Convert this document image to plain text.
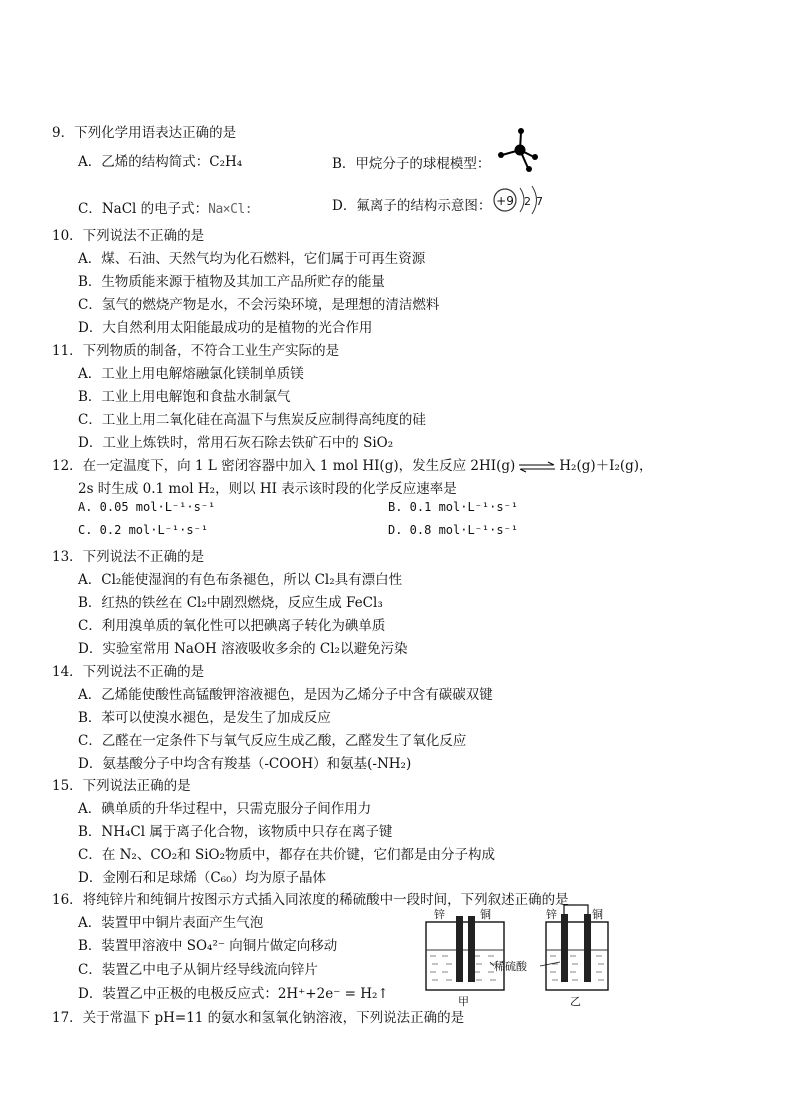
9．下列化学用语表达正确的是
A．乙烯的结构简式：C₂H₄	B．甲烷分子的球棍模型：
C．NaCl 的电子式：Na×Cl:	D．氟离子的结构示意图： +9 2 7
10．下列说法不正确的是
A．煤、石油、天然气均为化石燃料，它们属于可再生资源
B．生物质能来源于植物及其加工产品所贮存的能量
C．氢气的燃烧产物是水，不会污染环境，是理想的清洁燃料
D．大自然利用太阳能最成功的是植物的光合作用
11．下列物质的制备，不符合工业生产实际的是
A．工业上用电解熔融氯化镁制单质镁
B．工业上用电解饱和食盐水制氯气
C．工业上用二氧化硅在高温下与焦炭反应制得高纯度的硅
D．工业上炼铁时，常用石灰石除去铁矿石中的 SiO₂
12．在一定温度下，向 1 L 密闭容器中加入 1 mol HI(g)，发生反应 2HI(g) ⇌ H₂(g)＋I₂(g)，
2s 时生成 0.1 mol H₂，则以 HI 表示该时段的化学反应速率是
A. 0.05 mol·L⁻¹·s⁻¹	B. 0.1 mol·L⁻¹·s⁻¹
C. 0.2 mol·L⁻¹·s⁻¹	D. 0.8 mol·L⁻¹·s⁻¹
13．下列说法不正确的是
A．Cl₂能使湿润的有色布条褪色，所以 Cl₂具有漂白性
B．红热的铁丝在 Cl₂中剧烈燃烧，反应生成 FeCl₃
C．利用溴单质的氧化性可以把碘离子转化为碘单质
D．实验室常用 NaOH 溶液吸收多余的 Cl₂以避免污染
14．下列说法不正确的是
A．乙烯能使酸性高锰酸钾溶液褪色，是因为乙烯分子中含有碳碳双键
B．苯可以使溴水褪色，是发生了加成反应
C．乙醛在一定条件下与氧气反应生成乙酸，乙醛发生了氧化反应
D．氨基酸分子中均含有羧基（-COOH）和氨基(-NH₂)
15．下列说法正确的是
A．碘单质的升华过程中，只需克服分子间作用力
B．NH₄Cl 属于离子化合物，该物质中只存在离子键
C．在 N₂、CO₂和 SiO₂物质中，都存在共价键，它们都是由分子构成
D．金刚石和足球烯（C₆₀）均为原子晶体
16．将纯锌片和纯铜片按图示方式插入同浓度的稀硫酸中一段时间，下列叙述正确的是
A．装置甲中铜片表面产生气泡
B．装置甲溶液中 SO₄²⁻ 向铜片做定向移动
C．装置乙中电子从铜片经导线流向锌片
D．装置乙中正极的电极反应式：2H⁺+2e⁻ = H₂↑
锌	铜
甲
锌	铜
乙
稀硫酸
17．关于常温下 pH=11 的氨水和氢氧化钠溶液，下列说法正确的是
